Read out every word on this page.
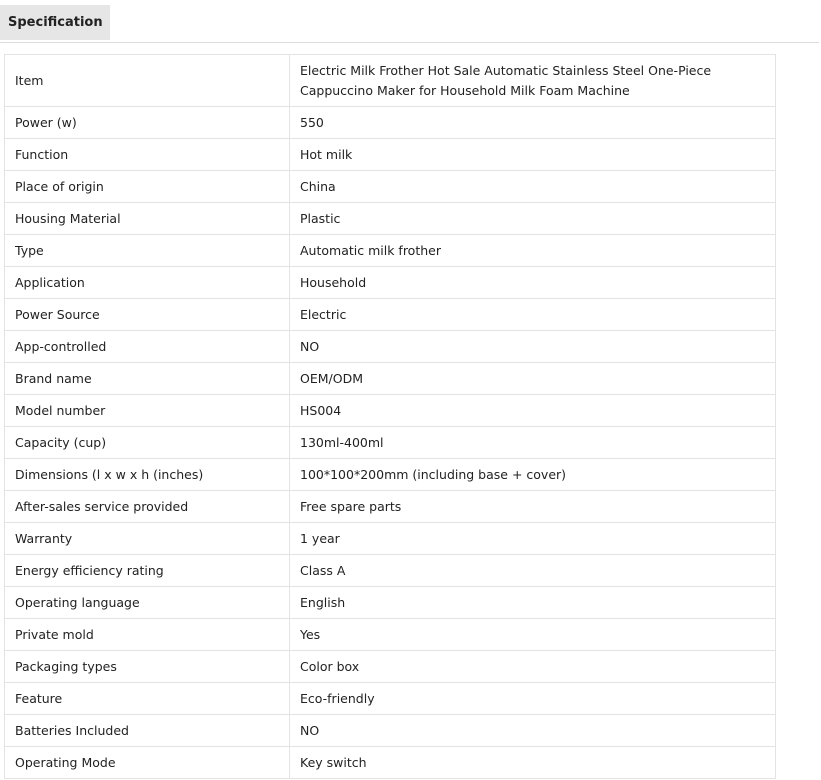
Specification
Item	Electric Milk Frother Hot Sale Automatic Stainless Steel One-Piece Cappuccino Maker for Household Milk Foam Machine
Power (w)	550
Function	Hot milk
Place of origin	China
Housing Material	Plastic
Type	Automatic milk frother
Application	Household
Power Source	Electric
App-controlled	NO
Brand name	OEM/ODM
Model number	HS004
Capacity (cup)	130ml-400ml
Dimensions (l x w x h (inches)	100*100*200mm (including base + cover)
After-sales service provided	Free spare parts
Warranty	1 year
Energy efficiency rating	Class A
Operating language	English
Private mold	Yes
Packaging types	Color box
Feature	Eco-friendly
Batteries Included	NO
Operating Mode	Key switch
